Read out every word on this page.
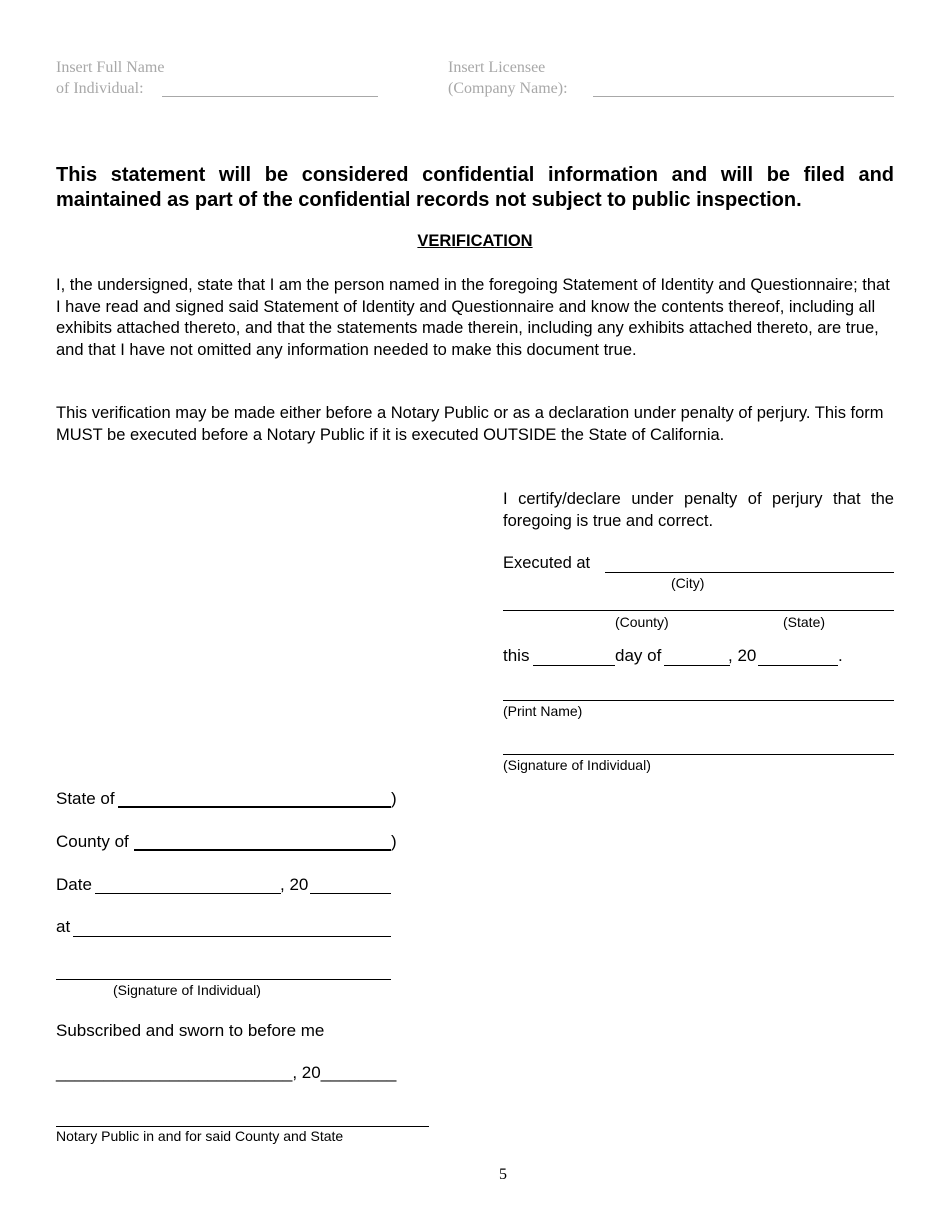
Insert Full Name
of Individual:
Insert Licensee
(Company Name):
This statement will be considered confidential information and will be filed and maintained as part of the confidential records not subject to public inspection.
VERIFICATION
I, the undersigned, state that I am the person named in the foregoing Statement of Identity and Questionnaire; that I have read and signed said Statement of Identity and Questionnaire and know the contents thereof, including all exhibits attached thereto, and that the statements made therein, including any exhibits attached thereto, are true, and that I have not omitted any information needed to make this document true.
This verification may be made either before a Notary Public or as a declaration under penalty of perjury. This form MUST be executed before a Notary Public if it is executed OUTSIDE the State of California.
I certify/declare under penalty of perjury that the foregoing is true and correct.
Executed at
(City)
(County)	(State)
this	day of	, 20	.
(Print Name)
(Signature of Individual)
State of	)
County of	)
Date	, 20
at
(Signature of Individual)
Subscribed and sworn to before me
_________________________, 20________
Notary Public in and for said County and State
5
